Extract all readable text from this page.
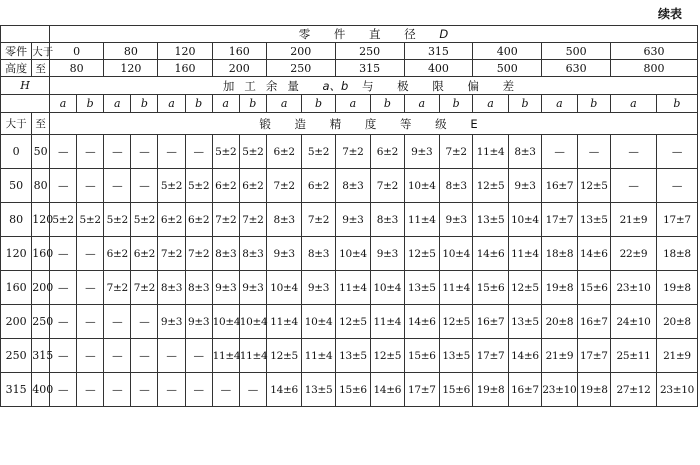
续表
		零 件 直 径 D																			
零件	大于	0		80		120		160		200		250		315		400		500		630	
高度	至	80		120		160		200		250		315		400		500		630		800	
H		加工余量 a、b 与 极 限 偏 差																			
		a	b	a	b	a	b	a	b	a	b	a	b	a	b	a	b	a	b	a	b
大于	至	锻 造 精 度 等 级 E																			
0	50	—	—	—	—	—	—	5±2	5±2	6±2	5±2	7±2	6±2	9±3	7±2	11±4	8±3	—	—	—	—
50	80	—	—	—	—	5±2	5±2	6±2	6±2	7±2	6±2	8±3	7±2	10±4	8±3	12±5	9±3	16±7	12±5	—	—
80	120	5±2	5±2	5±2	5±2	6±2	6±2	7±2	7±2	8±3	7±2	9±3	8±3	11±4	9±3	13±5	10±4	17±7	13±5	21±9	17±7
120	160	—	—	6±2	6±2	7±2	7±2	8±3	8±3	9±3	8±3	10±4	9±3	12±5	10±4	14±6	11±4	18±8	14±6	22±9	18±8
160	200	—	—	7±2	7±2	8±3	8±3	9±3	9±3	10±4	9±3	11±4	10±4	13±5	11±4	15±6	12±5	19±8	15±6	23±10	19±8
200	250	—	—	—	—	9±3	9±3	10±4	10±4	11±4	10±4	12±5	11±4	14±6	12±5	16±7	13±5	20±8	16±7	24±10	20±8
250	315	—	—	—	—	—	—	11±4	11±4	12±5	11±4	13±5	12±5	15±6	13±5	17±7	14±6	21±9	17±7	25±11	21±9
315	400	—	—	—	—	—	—	—	—	14±6	13±5	15±6	14±6	17±7	15±6	19±8	16±7	23±10	19±8	27±12	23±10
